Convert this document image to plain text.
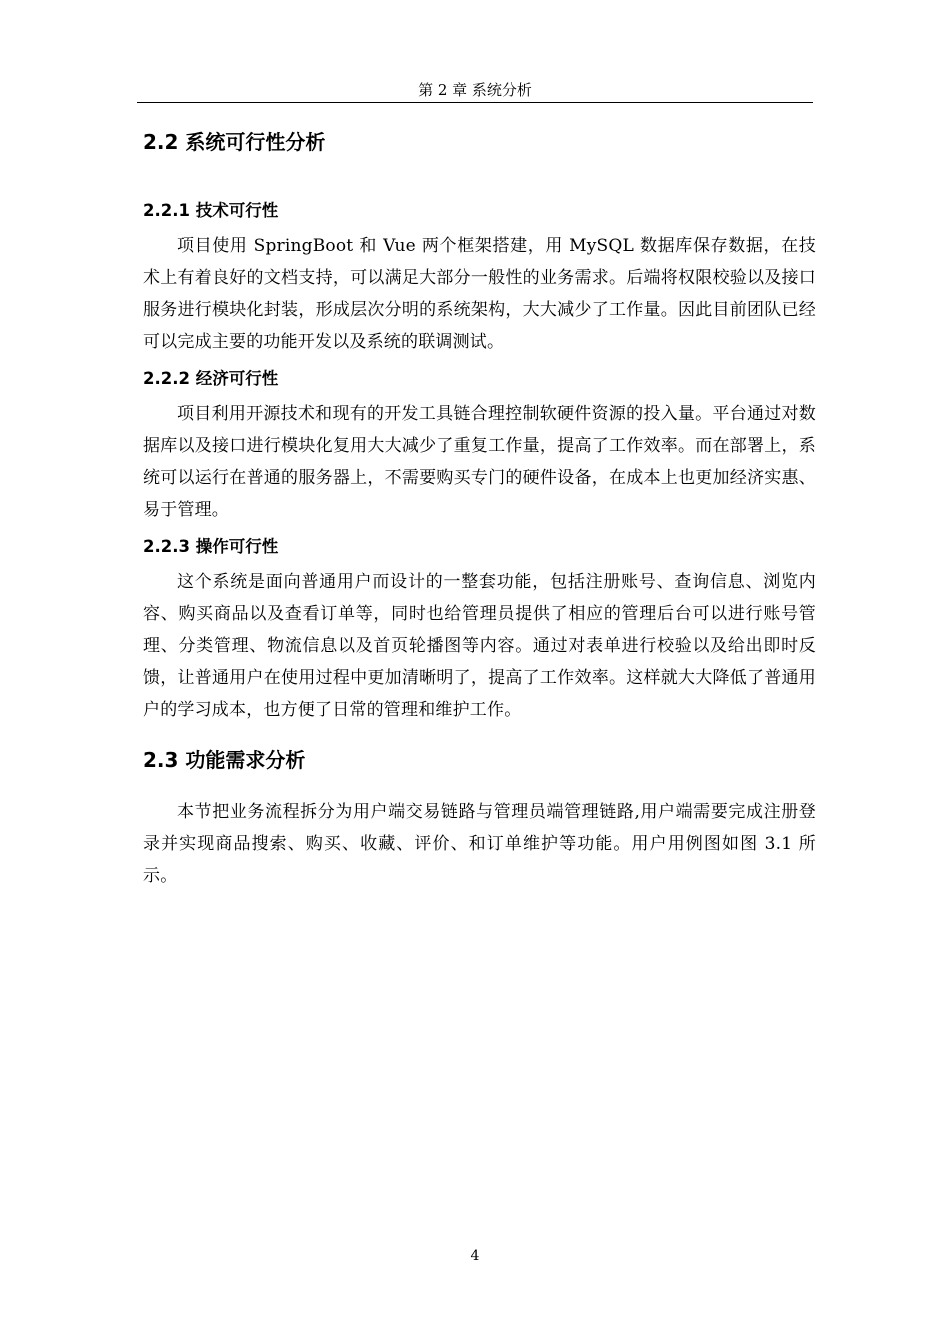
第 2 章 系统分析
2.2 系统可行性分析
2.2.1 技术可行性

项目使用 SpringBoot 和 Vue 两个框架搭建，用 MySQL 数据库保存数据，在技术上有着良好的文档支持，可以满足大部分一般性的业务需求。后端将权限校验以及接口服务进行模块化封装，形成层次分明的系统架构，大大减少了工作量。因此目前团队已经可以完成主要的功能开发以及系统的联调测试。

2.2.2 经济可行性

项目利用开源技术和现有的开发工具链合理控制软硬件资源的投入量。平台通过对数据库以及接口进行模块化复用大大减少了重复工作量，提高了工作效率。而在部署上，系统可以运行在普通的服务器上，不需要购买专门的硬件设备，在成本上也更加经济实惠、易于管理。

2.2.3 操作可行性

这个系统是面向普通用户而设计的一整套功能，包括注册账号、查询信息、浏览内容、购买商品以及查看订单等，同时也给管理员提供了相应的管理后台可以进行账号管理、分类管理、物流信息以及首页轮播图等内容。通过对表单进行校验以及给出即时反馈，让普通用户在使用过程中更加清晰明了，提高了工作效率。这样就大大降低了普通用户的学习成本，也方便了日常的管理和维护工作。

2.3 功能需求分析

本节把业务流程拆分为用户端交易链路与管理员端管理链路,用户端需要完成注册登录并实现商品搜索、购买、收藏、评价、和订单维护等功能。用户用例图如图 3.1 所示。

4
